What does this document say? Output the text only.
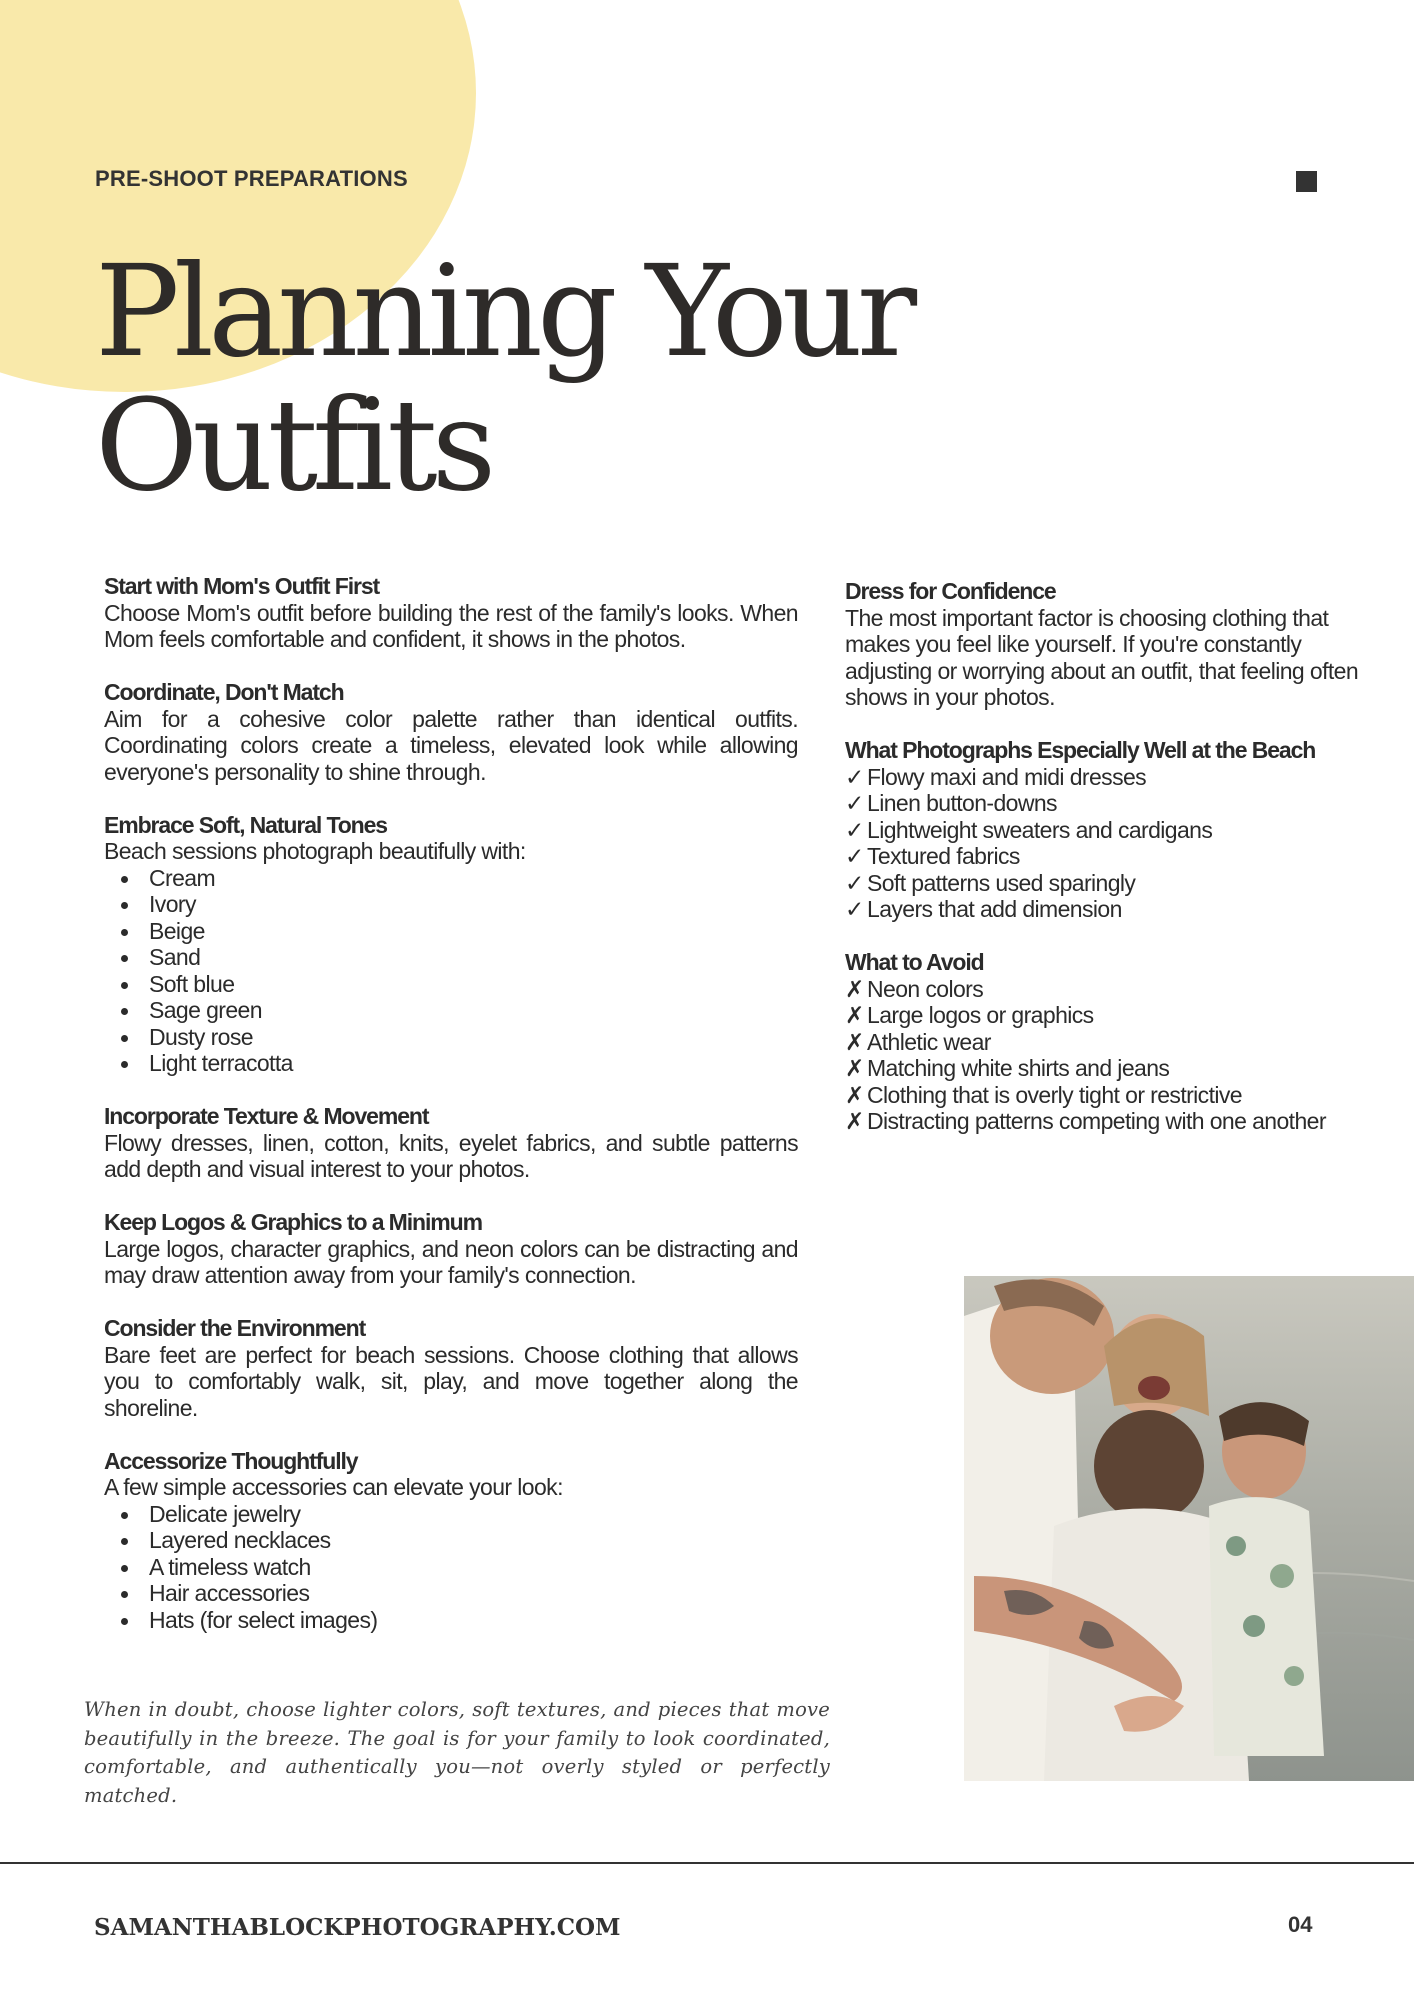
PRE-SHOOT PREPARATIONS
Planning Your
Outfits
Start with Mom's Outfit First
Choose Mom's outfit before building the rest of the family's looks. When Mom feels comfortable and confident, it shows in the photos.
Coordinate, Don't Match
Aim for a cohesive color palette rather than identical outfits. Coordinating colors create a timeless, elevated look while allowing everyone's personality to shine through.
Embrace Soft, Natural Tones
Beach sessions photograph beautifully with:
Cream
Ivory
Beige
Sand
Soft blue
Sage green
Dusty rose
Light terracotta
Incorporate Texture & Movement
Flowy dresses, linen, cotton, knits, eyelet fabrics, and subtle patterns add depth and visual interest to your photos.
Keep Logos & Graphics to a Minimum
Large logos, character graphics, and neon colors can be distracting and may draw attention away from your family's connection.
Consider the Environment
Bare feet are perfect for beach sessions. Choose clothing that allows you to comfortably walk, sit, play, and move together along the shoreline.
Accessorize Thoughtfully
A few simple accessories can elevate your look:
Delicate jewelry
Layered necklaces
A timeless watch
Hair accessories
Hats (for select images)
Dress for Confidence
The most important factor is choosing clothing that makes you feel like yourself. If you're constantly adjusting or worrying about an outfit, that feeling often shows in your photos.
What Photographs Especially Well at the Beach
✓ Flowy maxi and midi dresses
✓ Linen button-downs
✓ Lightweight sweaters and cardigans
✓ Textured fabrics
✓ Soft patterns used sparingly
✓ Layers that add dimension
What to Avoid
✗ Neon colors
✗ Large logos or graphics
✗ Athletic wear
✗ Matching white shirts and jeans
✗ Clothing that is overly tight or restrictive
✗ Distracting patterns competing with one another
When in doubt, choose lighter colors, soft textures, and pieces that move beautifully in the breeze. The goal is for your family to look coordinated, comfortable, and authentically you—not overly styled or perfectly matched.
SAMANTHABLOCKPHOTOGRAPHY.COM	04
